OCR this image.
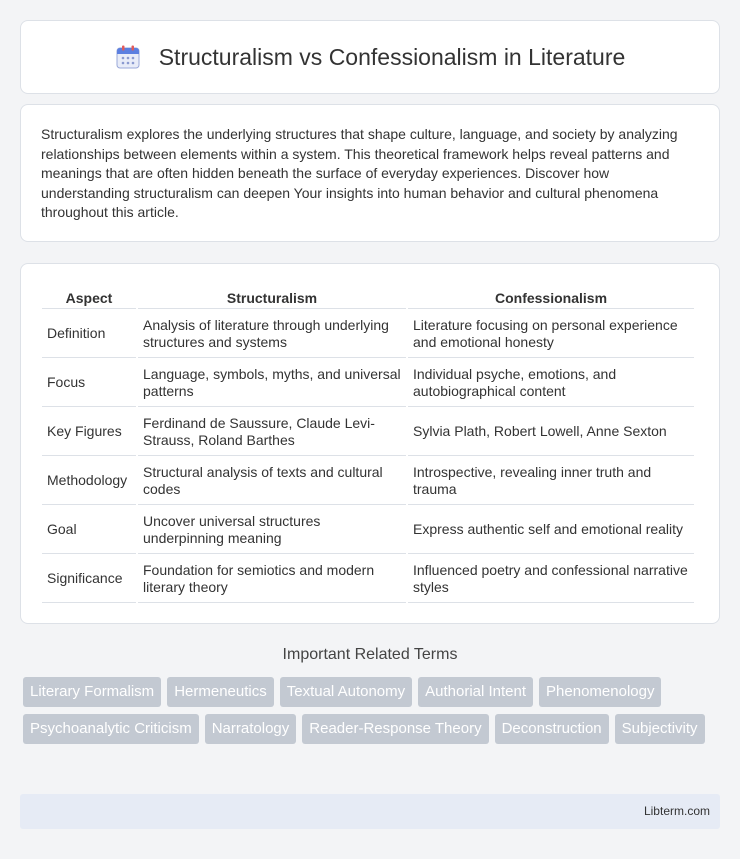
Structuralism vs Confessionalism in Literature

Structuralism explores the underlying structures that shape culture, language, and society by analyzing relationships between elements within a system. This theoretical framework helps reveal patterns and meanings that are often hidden beneath the surface of everyday experiences. Discover how understanding structuralism can deepen Your insights into human behavior and cultural phenomena throughout this article.

Aspect	Structuralism	Confessionalism
Definition	Analysis of literature through underlying structures and systems	Literature focusing on personal experience and emotional honesty
Focus	Language, symbols, myths, and universal patterns	Individual psyche, emotions, and autobiographical content
Key Figures	Ferdinand de Saussure, Claude Levi-Strauss, Roland Barthes	Sylvia Plath, Robert Lowell, Anne Sexton
Methodology	Structural analysis of texts and cultural codes	Introspective, revealing inner truth and trauma
Goal	Uncover universal structures underpinning meaning	Express authentic self and emotional reality
Significance	Foundation for semiotics and modern literary theory	Influenced poetry and confessional narrative styles
Important Related Terms
Literary Formalism	Hermeneutics	Textual Autonomy	Authorial Intent	Phenomenology
Psychoanalytic Criticism	Narratology	Reader-Response Theory	Deconstruction	Subjectivity
Libterm.com
